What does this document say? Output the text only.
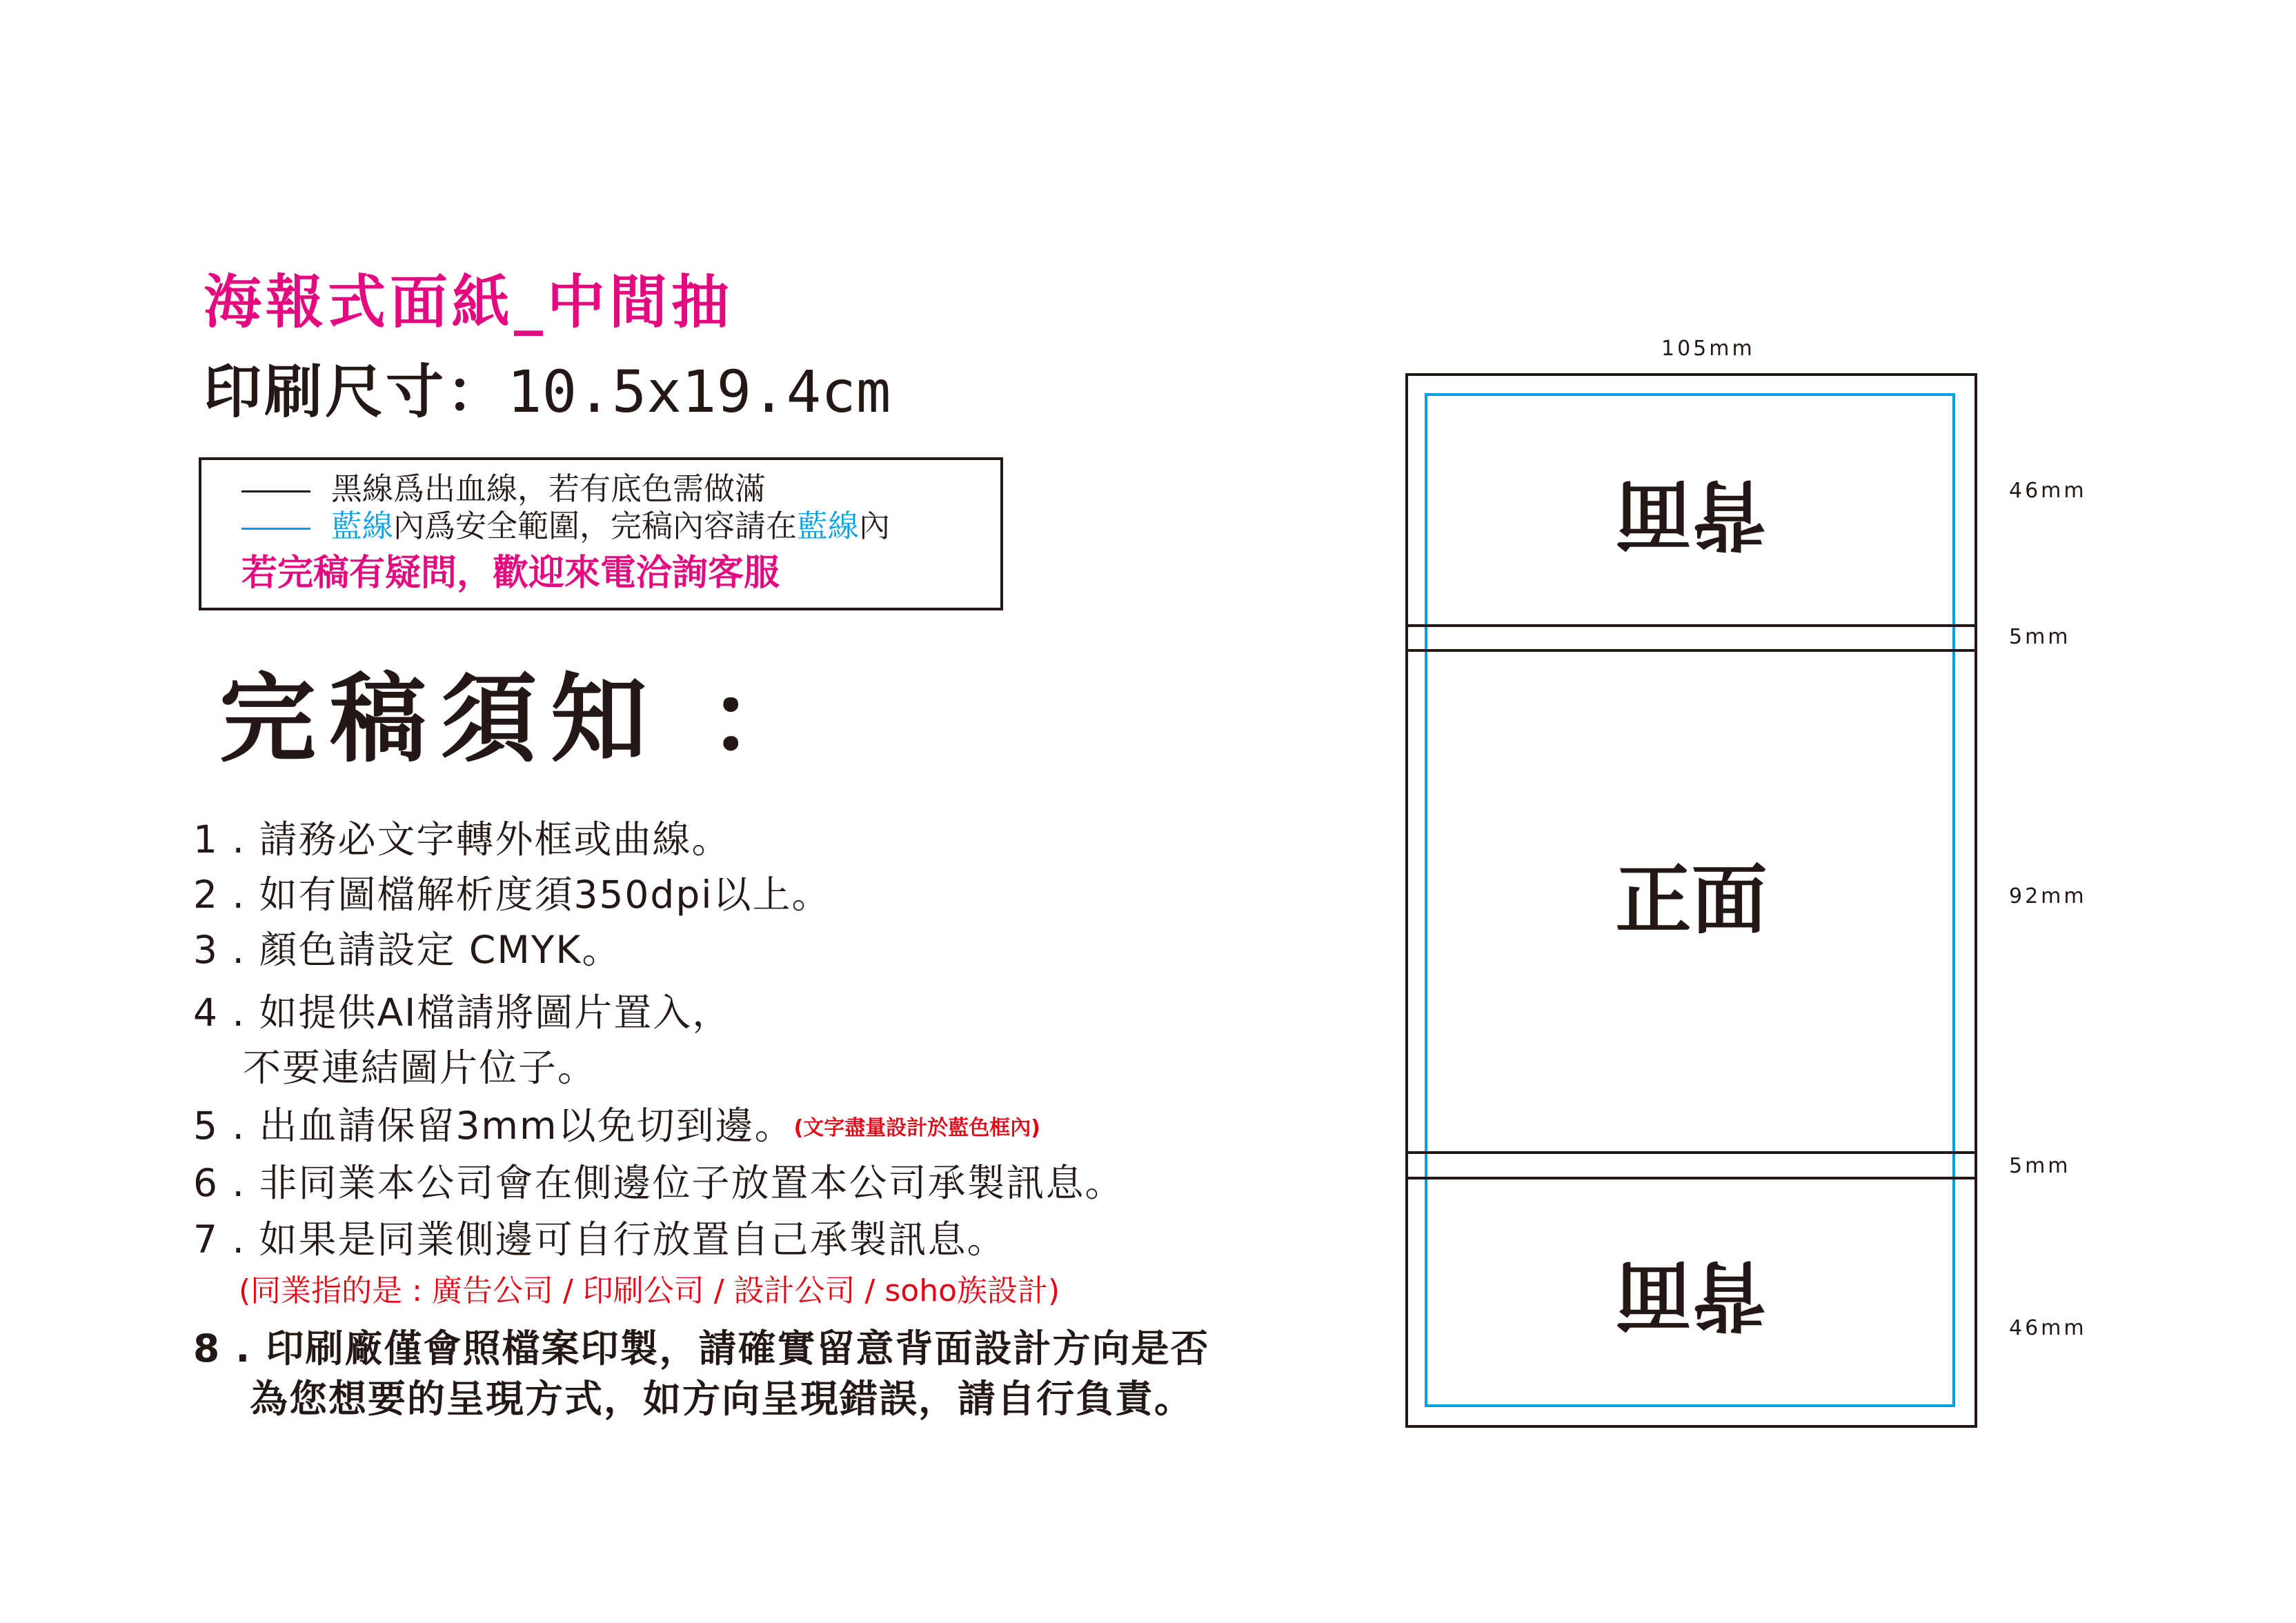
海報式面紙_中間抽
印刷尺寸：10.5x19.4cm
黑線爲出血線，若有底色需做滿
藍線內爲安全範圍，完稿內容請在藍線內
若完稿有疑問，歡迎來電洽詢客服
完稿須知 ：
1 . 請務必文字轉外框或曲線。
2 . 如有圖檔解析度須350dpi以上。
3 . 顏色請設定 CMYK。
4 . 如提供AI檔請將圖片置入，
不要連結圖片位子。
5 . 出血請保留3mm以免切到邊。(文字盡量設計於藍色框內)
6 . 非同業本公司會在側邊位子放置本公司承製訊息。
7 . 如果是同業側邊可自行放置自己承製訊息。
(同業指的是 : 廣告公司 / 印刷公司 / 設計公司 / soho族設計)
8 . 印刷廠僅會照檔案印製，請確實留意背面設計方向是否
為您想要的呈現方式，如方向呈現錯誤，請自行負責。
105mm
背面
正面
背面
46mm
5mm
92mm
5mm
46mm
